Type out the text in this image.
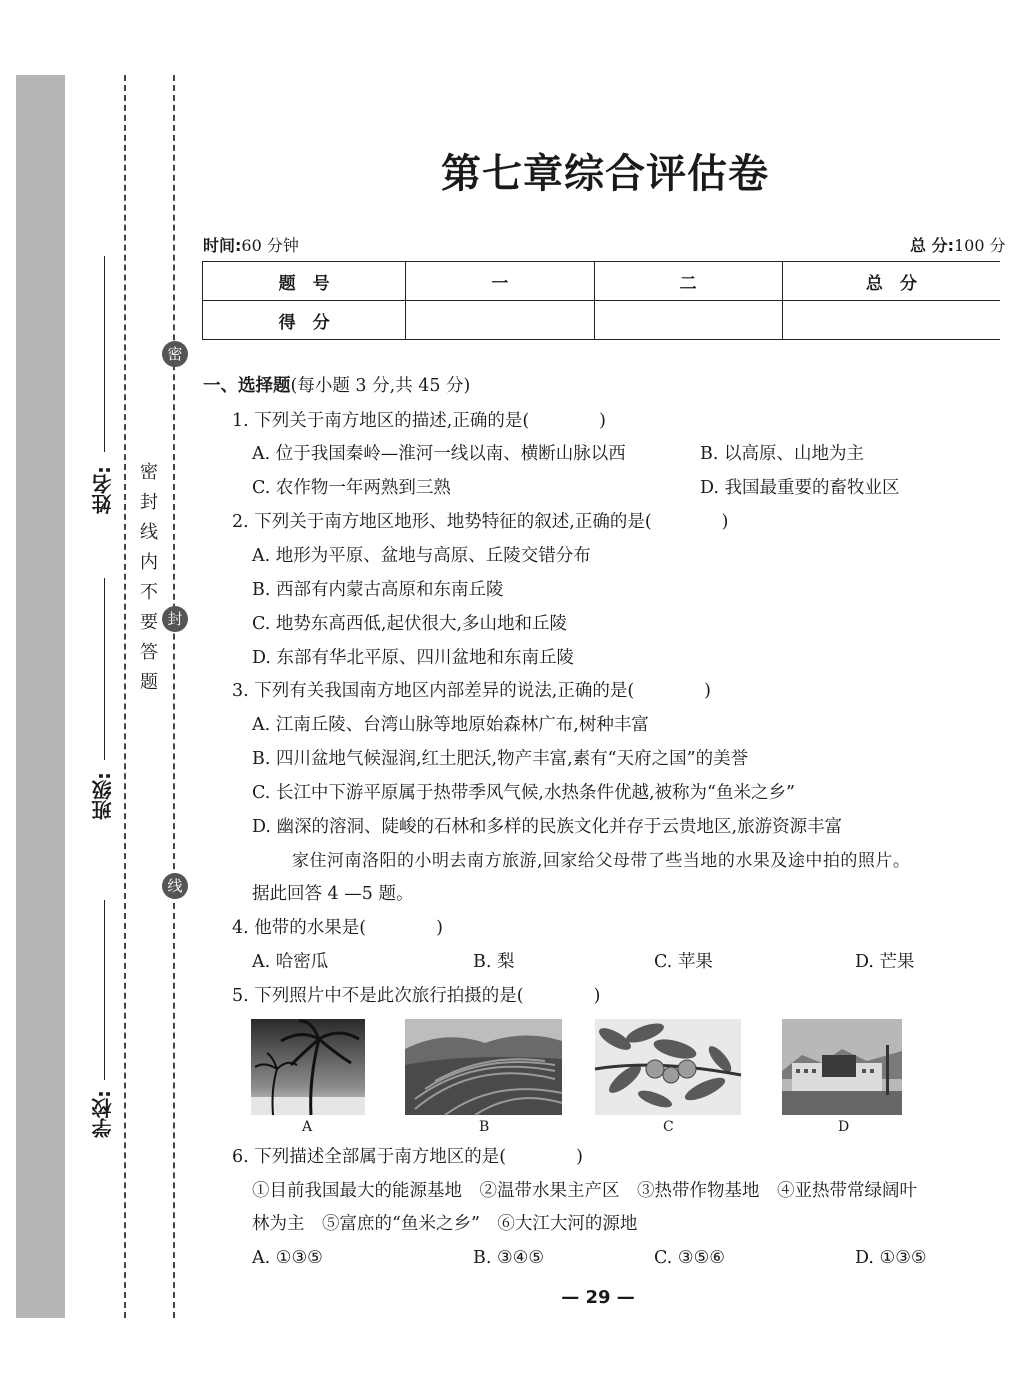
姓名:
班级:
学校:
密
封
线
密封线内不要答题
第七章综合评估卷
时间:60 分钟	总 分:100 分
题　号	一	二	总　分
得　分			
一、选择题(每小题 3 分,共 45 分)
1. 下列关于南方地区的描述,正确的是(　　　　)
A. 位于我国秦岭—淮河一线以南、横断山脉以西	B. 以高原、山地为主
C. 农作物一年两熟到三熟	D. 我国最重要的畜牧业区
2. 下列关于南方地区地形、地势特征的叙述,正确的是(　　　　)
A. 地形为平原、盆地与高原、丘陵交错分布
B. 西部有内蒙古高原和东南丘陵
C. 地势东高西低,起伏很大,多山地和丘陵
D. 东部有华北平原、四川盆地和东南丘陵
3. 下列有关我国南方地区内部差异的说法,正确的是(　　　　)
A. 江南丘陵、台湾山脉等地原始森林广布,树种丰富
B. 四川盆地气候湿润,红土肥沃,物产丰富,素有“天府之国”的美誉
C. 长江中下游平原属于热带季风气候,水热条件优越,被称为“鱼米之乡”
D. 幽深的溶洞、陡峻的石林和多样的民族文化并存于云贵地区,旅游资源丰富
家住河南洛阳的小明去南方旅游,回家给父母带了些当地的水果及途中拍的照片。
据此回答 4 —5 题。
4. 他带的水果是(　　　　)
A. 哈密瓜	B. 梨	C. 苹果	D. 芒果
5. 下列照片中不是此次旅行拍摄的是(　　　　)
A	B	C	D
6. 下列描述全部属于南方地区的是(　　　　)
①目前我国最大的能源基地　②温带水果主产区　③热带作物基地　④亚热带常绿阔叶
林为主　⑤富庶的“鱼米之乡”　⑥大江大河的源地
A. ①③⑤	B. ③④⑤	C. ③⑤⑥	D. ①③⑤
— 29 —
